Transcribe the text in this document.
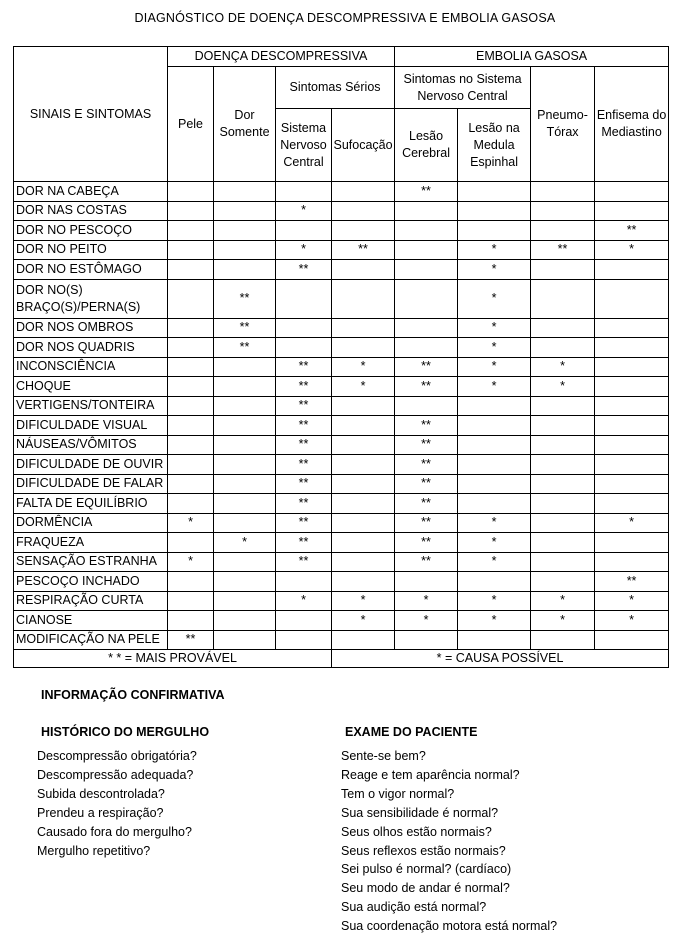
DIAGNÓSTICO DE DOENÇA DESCOMPRESSIVA E EMBOLIA GASOSA
SINAIS E SINTOMAS	DOENÇA DESCOMPRESSIVA				EMBOLIA GASOSA			
	Pele	Dor Somente	Sintomas Sérios		Sintomas no Sistema Nervoso Central		Pneumo-Tórax	Enfisema do Mediastino

			Sistema Nervoso Central	Sufocação	Lesão Cerebral	Lesão na Medula Espinhal		
DOR NA CABEÇA					**			
DOR NAS COSTAS			*					
DOR NO PESCOÇO								**
DOR NO PEITO			*	**		*	**	*
DOR NO ESTÔMAGO			**			*		
DOR NO(S) BRAÇO(S)/PERNA(S)		**				*		
DOR NOS OMBROS		**				*		
DOR NOS QUADRIS		**				*		
INCONSCIÊNCIA			**	*	**	*	*	
CHOQUE			**	*	**	*	*	
VERTIGENS/TONTEIRA			**					
DIFICULDADE VISUAL			**		**			
NÁUSEAS/VÔMITOS			**		**			
DIFICULDADE DE OUVIR			**		**			
DIFICULDADE DE FALAR			**		**			
FALTA DE EQUILÍBRIO			**		**			
DORMÊNCIA	*		**		**	*		*
FRAQUEZA		*	**		**	*		
SENSAÇÃO ESTRANHA	*		**		**	*		
PESCOÇO INCHADO								**
RESPIRAÇÃO CURTA			*	*	*	*	*	*
CIANOSE				*	*	*	*	*
MODIFICAÇÃO NA PELE	**							
* * = MAIS PROVÁVEL				* = CAUSA POSSÍVEL				
INFORMAÇÃO CONFIRMATIVA
HISTÓRICO DO MERGULHO	EXAME DO PACIENTE
Descompressão obrigatória?
Descompressão adequada?
Subida descontrolada?
Prendeu a respiração?
Causado fora do mergulho?
Mergulho repetitivo?
Sente-se bem?
Reage e tem aparência normal?
Tem o vigor normal?
Sua sensibilidade é normal?
Seus olhos estão normais?
Seus reflexos estão normais?
Sei pulso é normal? (cardíaco)
Seu modo de andar é normal?
Sua audição está normal?
Sua coordenação motora está normal?
